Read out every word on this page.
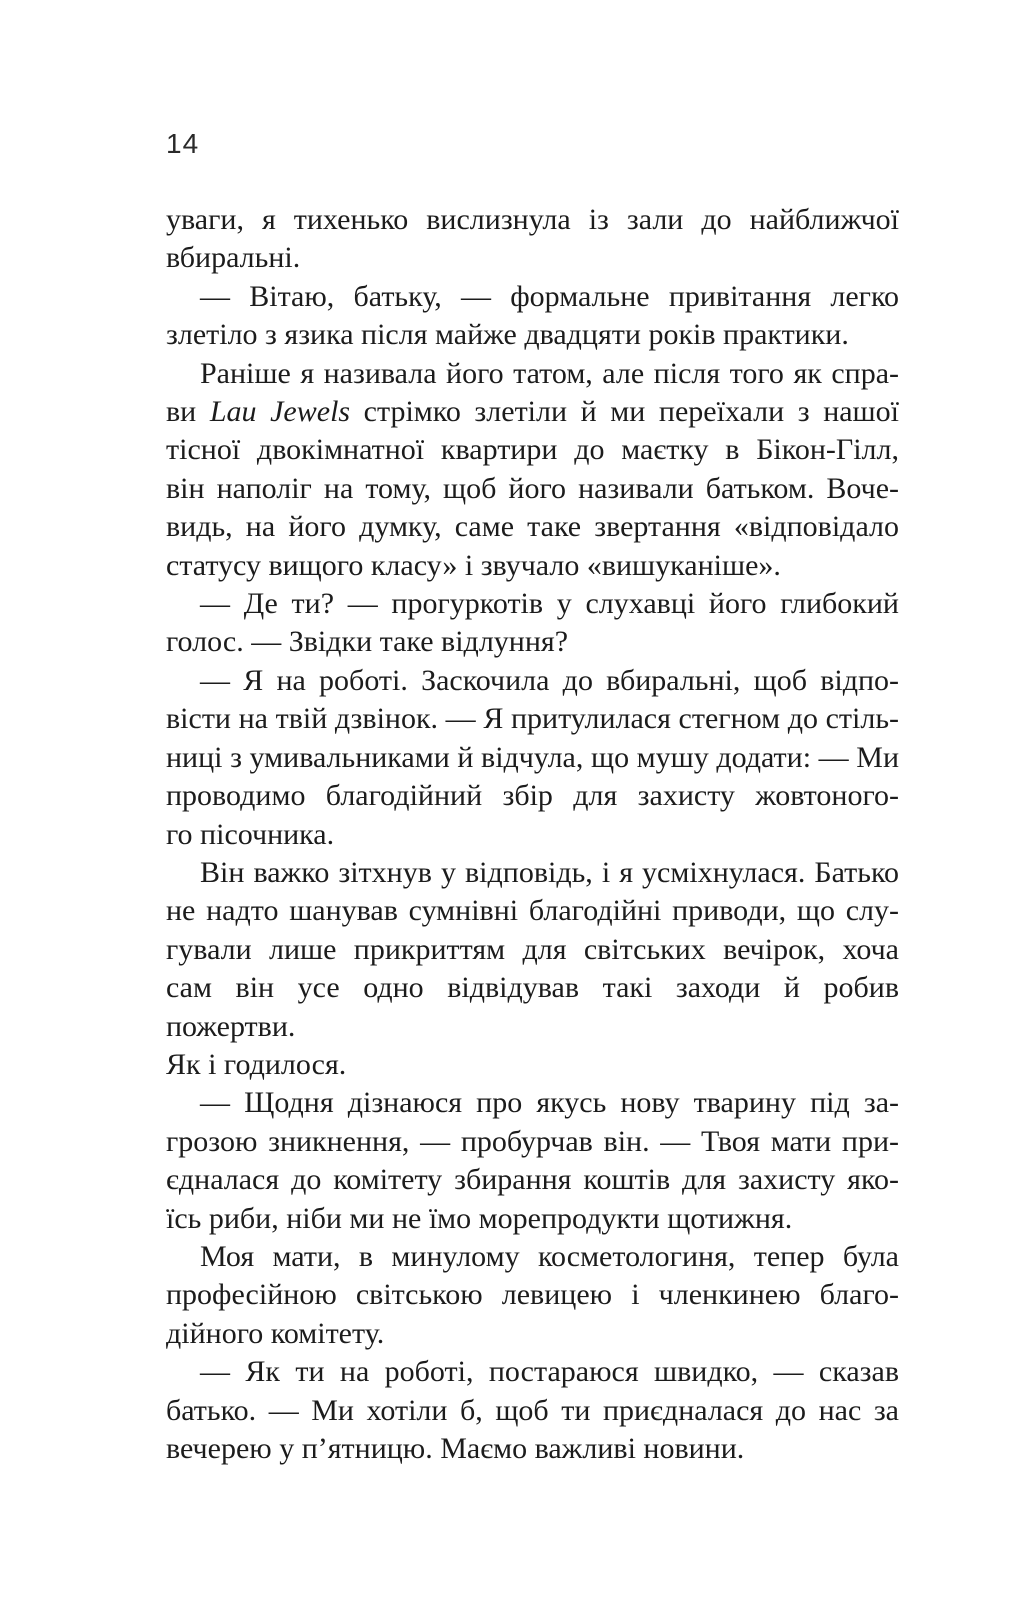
14
уваги, я тихенько вислизнула із зали до найближчої
вбиральні.
— Вітаю, батьку, — формальне привітання легко
злетіло з язика після майже двадцяти років практики.
Раніше я називала його татом, але після того як спра-
ви Lau Jewels стрімко злетіли й ми переїхали з нашої
тісної двокімнатної квартири до маєтку в Бікон-Гілл,
він наполіг на тому, щоб його називали батьком. Воче-
видь, на його думку, саме таке звертання «відповідало
статусу вищого класу» і звучало «вишуканіше».
— Де ти? — прогуркотів у слухавці його глибокий
голос. — Звідки таке відлуння?
— Я на роботі. Заскочила до вбиральні, щоб відпо-
вісти на твій дзвінок. — Я притулилася стегном до стіль-
ниці з умивальниками й відчула, що мушу додати: — Ми
проводимо благодійний збір для захисту жовтоного-
го пісочника.
Він важко зітхнув у відповідь, і я усміхнулася. Батько
не надто шанував сумнівні благодійні приводи, що слу-
гували лише прикриттям для світських вечірок, хоча
сам він усе одно відвідував такі заходи й робив пожертви.
Як і годилося.
— Щодня дізнаюся про якусь нову тварину під за-
грозою зникнення, — пробурчав він. — Твоя мати при-
єдналася до комітету збирання коштів для захисту яко-
їсь риби, ніби ми не їмо морепродукти щотижня.
Моя мати, в минулому косметологиня, тепер була
професійною світською левицею і членкинею благо-
дійного комітету.
— Як ти на роботі, постараюся швидко, — сказав
батько. — Ми хотіли б, щоб ти приєдналася до нас за
вечерею у п’ятницю. Маємо важливі новини.
